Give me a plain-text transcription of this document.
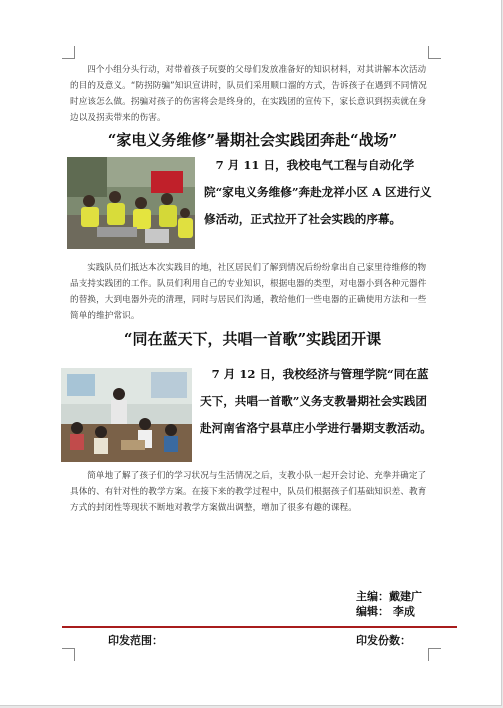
四个小组分头行动，对带着孩子玩耍的父母们发放准备好的知识材料，对其讲解本次活动的目的及意义。“防拐防骗”知识宣讲时，队员们采用顺口溜的方式，告诉孩子在遇到不同情况时应该怎么做。拐骗对孩子的伤害将会是终身的，在实践团的宣传下，家长意识到拐卖就在身边以及拐卖带来的伤害。

“家电义务维修”暑期社会实践团奔赴“战场”

7 月 11 日，我校电气工程与自动化学院“家电义务维修”奔赴龙祥小区 A 区进行义修活动，正式拉开了社会实践的序幕。

实践队员们抵达本次实践目的地，社区居民们了解到情况后纷纷拿出自己家里待维修的物品支持实践团的工作。队员们利用自己的专业知识，根据电器的类型，对电器小到各种元器件的替换，大到电器外壳的清理，同时与居民们沟通，教给他们一些电器的正确使用方法和一些简单的维护常识。

“同在蓝天下，共唱一首歌”实践团开课

7 月 12 日，我校经济与管理学院“同在蓝天下，共唱一首歌”义务支教暑期社会实践团赴河南省洛宁县草庄小学进行暑期支教活动。

简单地了解了孩子们的学习状况与生活情况之后，支教小队一起开会讨论、充拳并确定了具体的、有针对性的教学方案。在接下来的教学过程中，队员们根据孩子们基础知识差、教育方式的封闭性等现状不断地对教学方案做出调整，增加了很多有趣的课程。

主编：戴建广
编辑： 李成
印发范围：	印发份数：
